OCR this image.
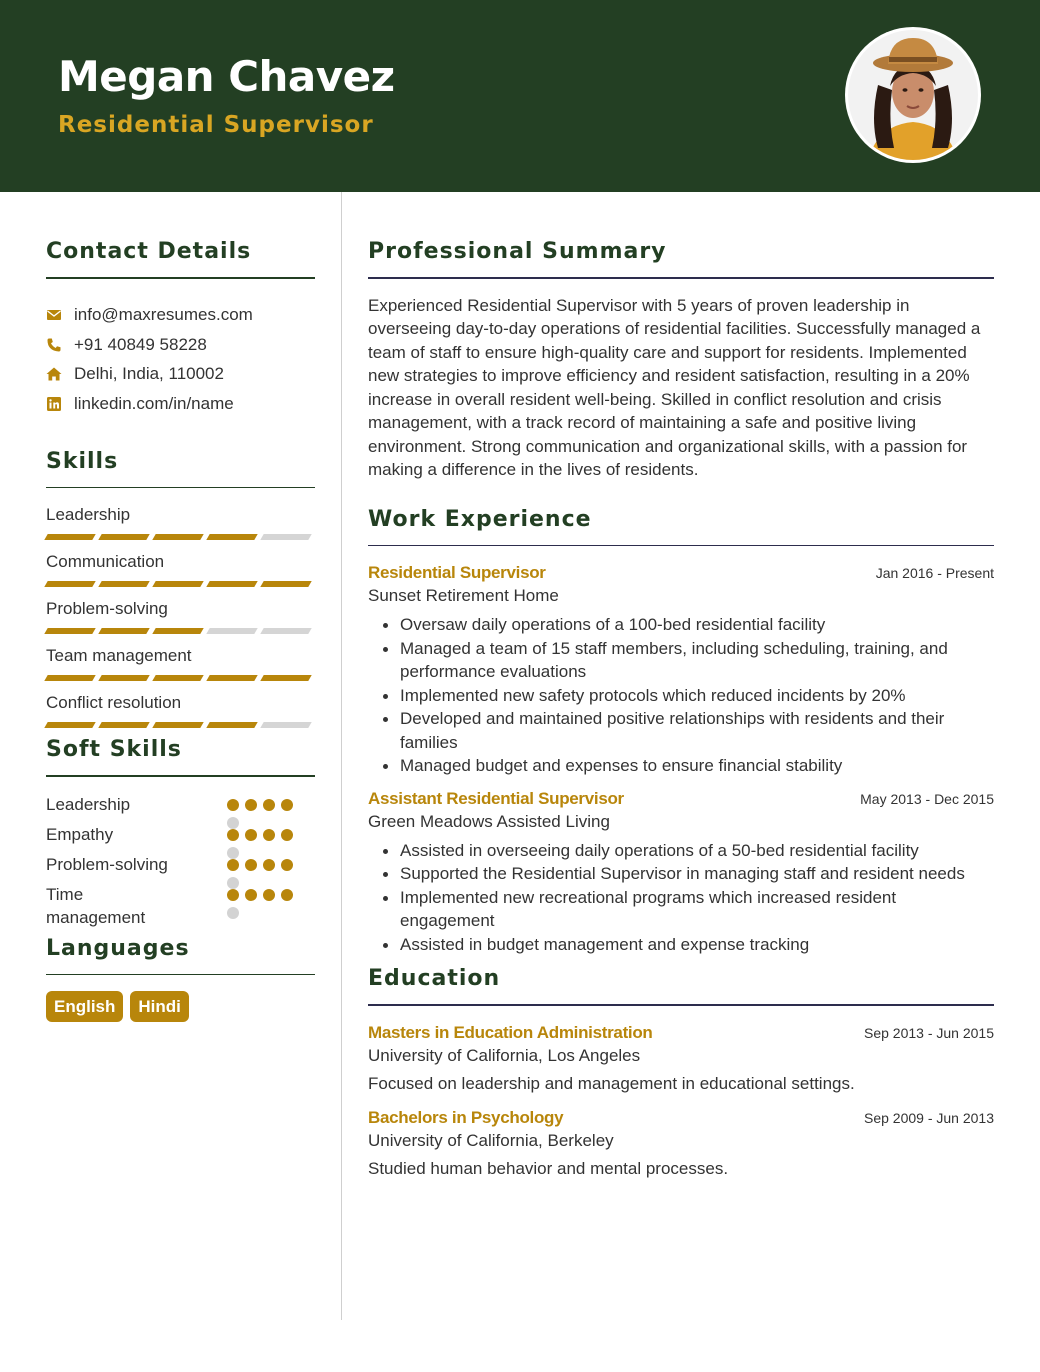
Megan Chavez
Residential Supervisor
Contact Details
info@maxresumes.com
+91 40849 58228
Delhi, India, 110002
linkedin.com/in/name
Skills
Leadership
Communication
Problem-solving
Team management
Conflict resolution
Soft Skills
Leadership
Empathy
Problem-solving
Time management
Languages
English	Hindi
Professional Summary

Experienced Residential Supervisor with 5 years of proven leadership in overseeing day-to-day operations of residential facilities. Successfully managed a team of staff to ensure high-quality care and support for residents. Implemented new strategies to improve efficiency and resident satisfaction, resulting in a 20% increase in overall resident well-being. Skilled in conflict resolution and crisis management, with a track record of maintaining a safe and positive living environment. Strong communication and organizational skills, with a passion for making a difference in the lives of residents.

Work Experience
Residential Supervisor	Jan 2016 - Present
Sunset Retirement Home
Oversaw daily operations of a 100-bed residential facility
Managed a team of 15 staff members, including scheduling, training, and performance evaluations
Implemented new safety protocols which reduced incidents by 20%
Developed and maintained positive relationships with residents and their families
Managed budget and expenses to ensure financial stability
Assistant Residential Supervisor	May 2013 - Dec 2015
Green Meadows Assisted Living
Assisted in overseeing daily operations of a 50-bed residential facility
Supported the Residential Supervisor in managing staff and resident needs
Implemented new recreational programs which increased resident engagement
Assisted in budget management and expense tracking
Education
Masters in Education Administration	Sep 2013 - Jun 2015
University of California, Los Angeles
Focused on leadership and management in educational settings.
Bachelors in Psychology	Sep 2009 - Jun 2013
University of California, Berkeley
Studied human behavior and mental processes.
